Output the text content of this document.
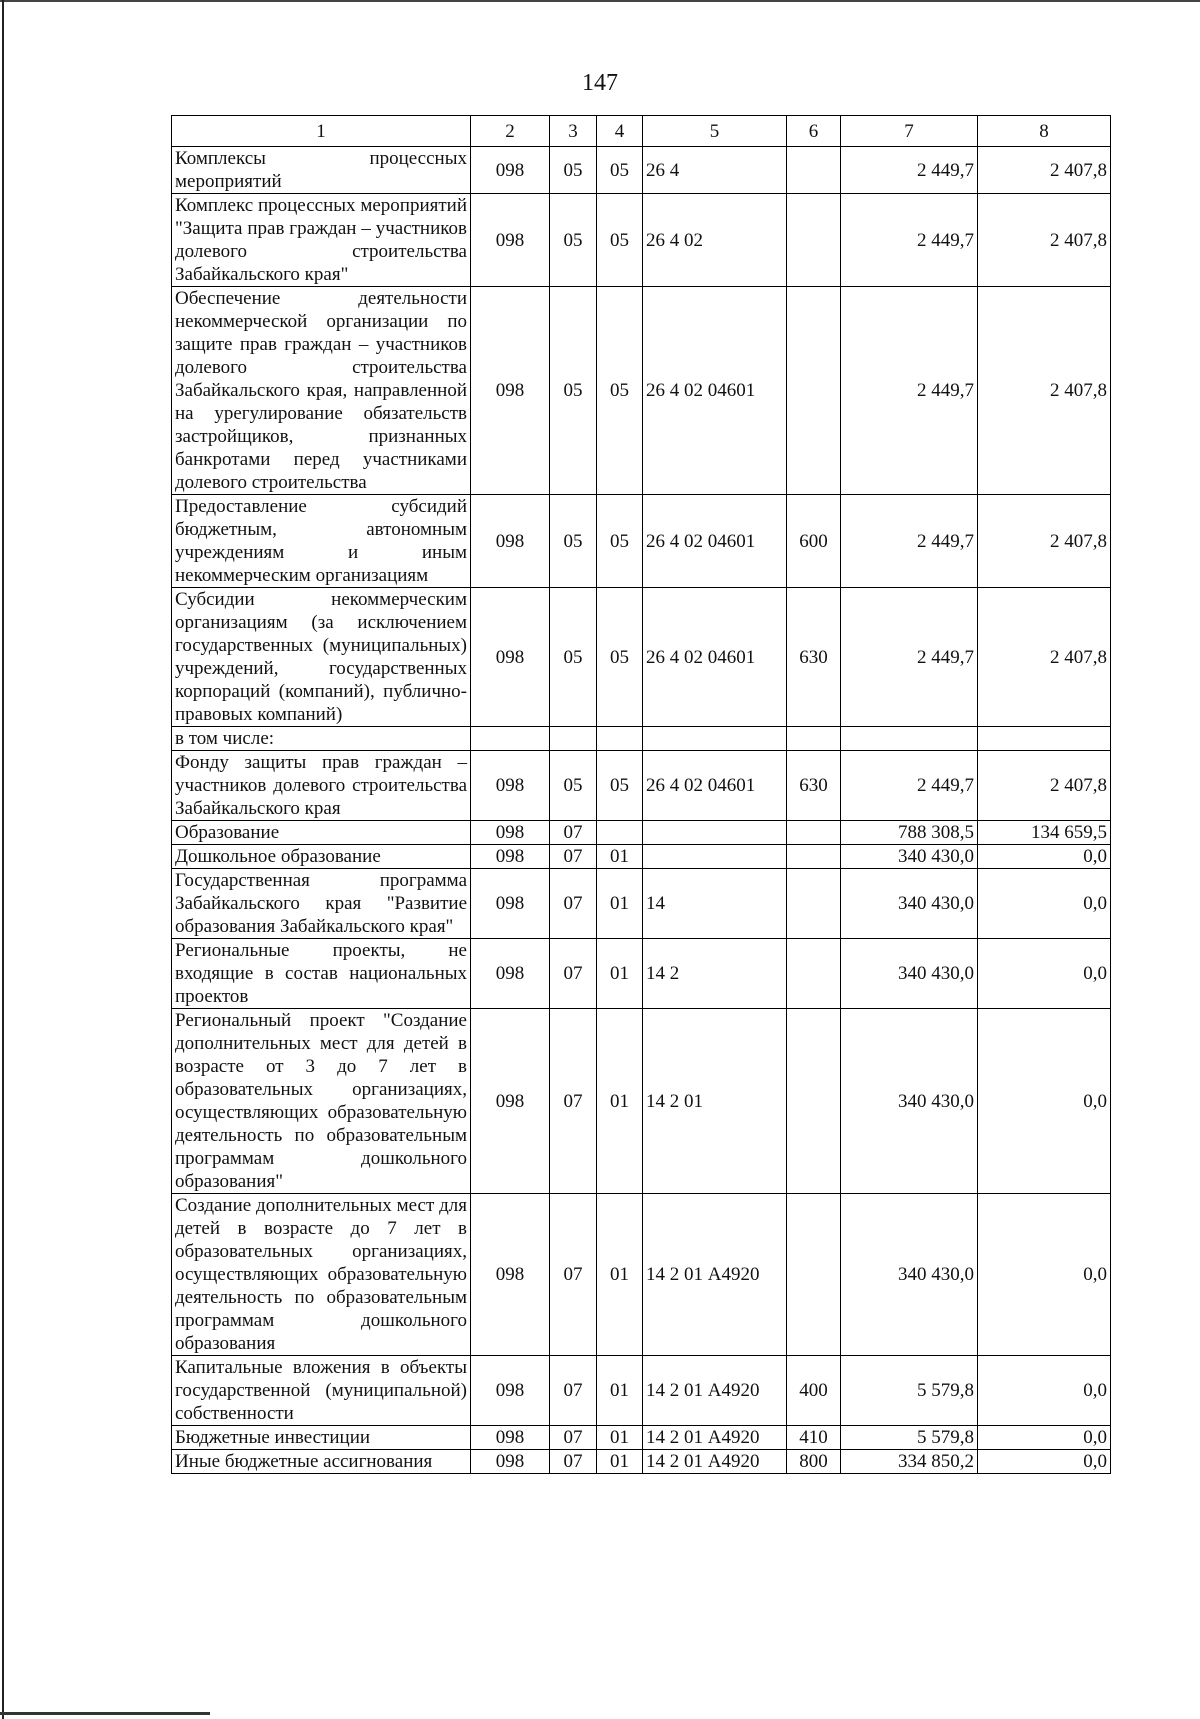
147
1	2	3	4	5	6	7	8
Комплексы процессных мероприятий	098	05	05	26 4		2 449,7	2 407,8
Комплекс процессных мероприятий "Защита прав граждан – участников долевого строительства Забайкальского края"	098	05	05	26 4 02		2 449,7	2 407,8
Обеспечение деятельности некоммерческой организации по защите прав граждан – участников долевого строительства Забайкальского края, направленной на урегулирование обязательств застройщиков, признанных банкротами перед участниками долевого строительства	098	05	05	26 4 02 04601		2 449,7	2 407,8
Предоставление субсидий бюджетным, автономным учреждениям и иным некоммерческим организациям	098	05	05	26 4 02 04601	600	2 449,7	2 407,8
Субсидии некоммерческим организациям (за исключением государственных (муниципальных) учреждений, государственных корпораций (компаний), публично-правовых компаний)	098	05	05	26 4 02 04601	630	2 449,7	2 407,8
в том числе:							
Фонду защиты прав граждан – участников долевого строительства Забайкальского края	098	05	05	26 4 02 04601	630	2 449,7	2 407,8
Образование	098	07				788 308,5	134 659,5
Дошкольное образование	098	07	01			340 430,0	0,0
Государственная программа Забайкальского края "Развитие образования Забайкальского края"	098	07	01	14		340 430,0	0,0
Региональные проекты, не входящие в состав национальных проектов	098	07	01	14 2		340 430,0	0,0
Региональный проект "Создание дополнительных мест для детей в возрасте от 3 до 7 лет в образовательных организациях, осуществляющих образовательную деятельность по образовательным программам дошкольного образования"	098	07	01	14 2 01		340 430,0	0,0
Создание дополнительных мест для детей в возрасте до 7 лет в образовательных организациях, осуществляющих образовательную деятельность по образовательным программам дошкольного образования	098	07	01	14 2 01 А4920		340 430,0	0,0
Капитальные вложения в объекты государственной (муниципальной) собственности	098	07	01	14 2 01 А4920	400	5 579,8	0,0
Бюджетные инвестиции	098	07	01	14 2 01 А4920	410	5 579,8	0,0
Иные бюджетные ассигнования	098	07	01	14 2 01 А4920	800	334 850,2	0,0
